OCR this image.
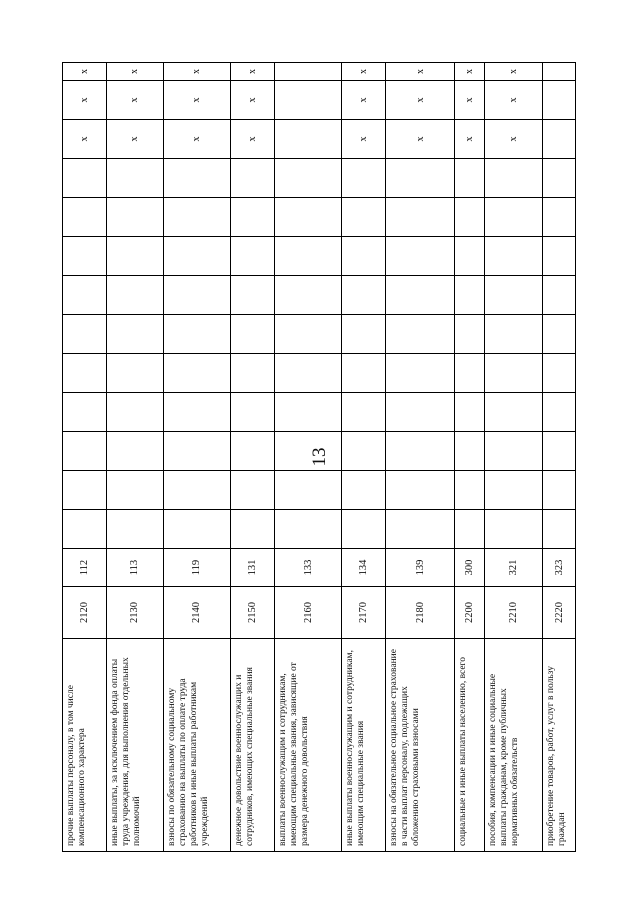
13
прочие выплаты персоналу, в том числе компенсационного характера
2120
112
x
x
x
иные выплаты, за исключением фонда оплаты труда учреждения, для выполнения отдельных полномочий
2130
113
x
x
x
взносы по обязательному социальному страхованию на выплаты по оплате труда работников и иные выплаты работникам учреждений
2140
119
x
x
x
денежное довольствие военнослужащих и сотрудников, имеющих специальные звания
2150
131
x
x
x
выплаты военнослужащим и сотрудникам, имеющим специальные звания, зависящие от размера денежного довольствия
2160
133
иные выплаты военнослужащим и сотрудникам, имеющим специальные звания
2170
134
x
x
x
взносы на обязательное социальное страхование в части выплат персоналу, подлежащих обложению страховыми взносами
2180
139
x
x
x
социальные и иные выплаты населению, всего
2200
300
x
x
x
пособия, компенсации и иные социальные выплаты гражданам, кроме публичных нормативных обязательств
2210
321
x
x
x
приобретение товаров, работ, услуг в пользу граждан
2220
323
